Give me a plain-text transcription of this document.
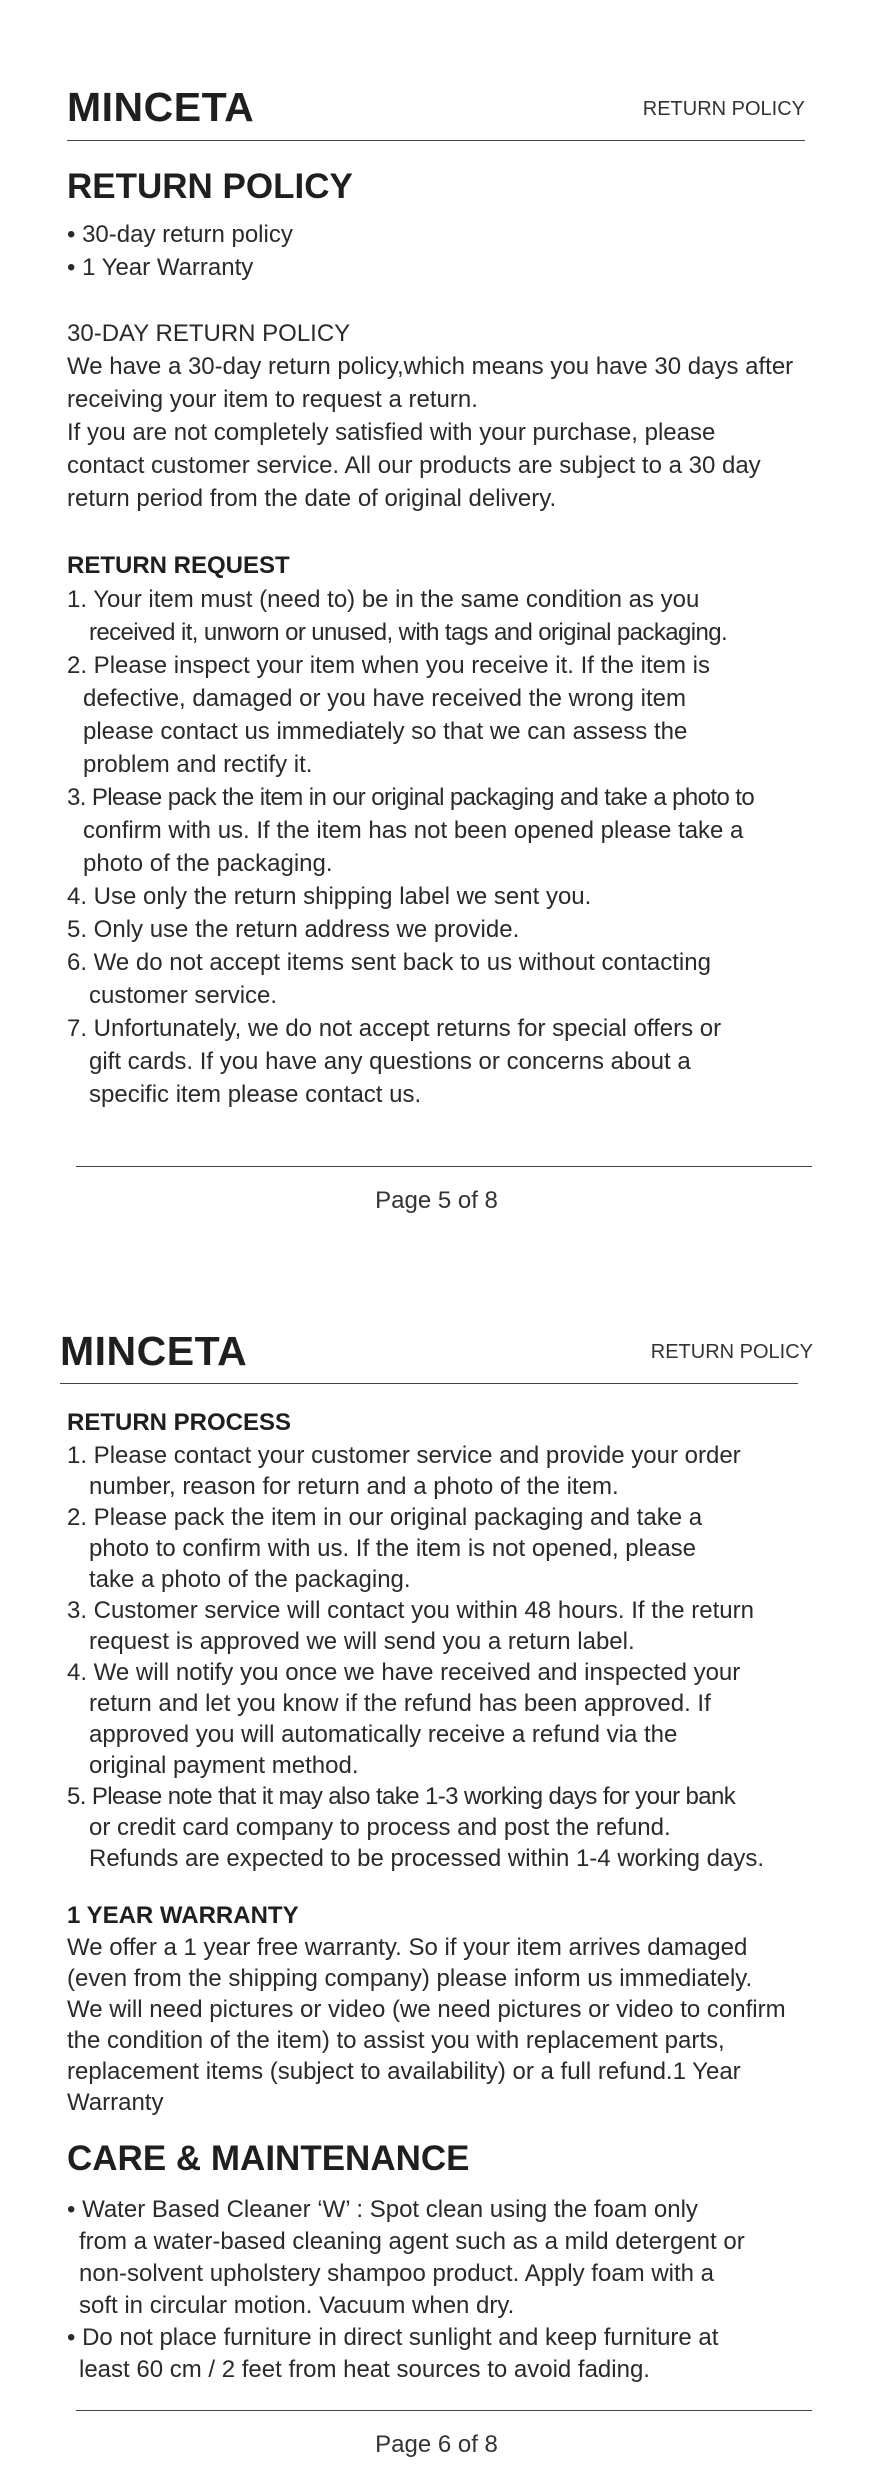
MINCETA	RETURN POLICY
RETURN POLICY
• 30-day return policy
• 1 Year Warranty
30-DAY RETURN POLICY
We have a 30-day return policy,which means you have 30 days after
receiving your item to request a return.
If you are not completely satisfied with your purchase, please
contact customer service. All our products are subject to a 30 day
return period from the date of original delivery.
RETURN REQUEST
1. Your item must (need to) be in the same condition as you
received it, unworn or unused, with tags and original packaging.
2. Please inspect your item when you receive it. If the item is
defective, damaged or you have received the wrong item
please contact us immediately so that we can assess the
problem and rectify it.
3. Please pack the item in our original packaging and take a photo to
confirm with us. If the item has not been opened please take a
photo of the packaging.
4. Use only the return shipping label we sent you.
5. Only use the return address we provide.
6. We do not accept items sent back to us without contacting
customer service.
7. Unfortunately, we do not accept returns for special offers or
gift cards. If you have any questions or concerns about a
specific item please contact us.
Page 5 of 8
MINCETA	RETURN POLICY
RETURN PROCESS
1. Please contact your customer service and provide your order
number, reason for return and a photo of the item.
2. Please pack the item in our original packaging and take a
photo to confirm with us. If the item is not opened, please
take a photo of the packaging.
3. Customer service will contact you within 48 hours. If the return
request is approved we will send you a return label.
4. We will notify you once we have received and inspected your
return and let you know if the refund has been approved. If
approved you will automatically receive a refund via the
original payment method.
5. Please note that it may also take 1-3 working days for your bank
or credit card company to process and post the refund.
Refunds are expected to be processed within 1-4 working days.
1 YEAR WARRANTY
We offer a 1 year free warranty. So if your item arrives damaged
(even from the shipping company) please inform us immediately.
We will need pictures or video (we need pictures or video to confirm
the condition of the item) to assist you with replacement parts,
replacement items (subject to availability) or a full refund.1 Year
Warranty
CARE & MAINTENANCE
• Water Based Cleaner ‘W’ : Spot clean using the foam only
from a water-based cleaning agent such as a mild detergent or
non-solvent upholstery shampoo product. Apply foam with a
soft in circular motion. Vacuum when dry.
• Do not place furniture in direct sunlight and keep furniture at
least 60 cm / 2 feet from heat sources to avoid fading.
Page 6 of 8
